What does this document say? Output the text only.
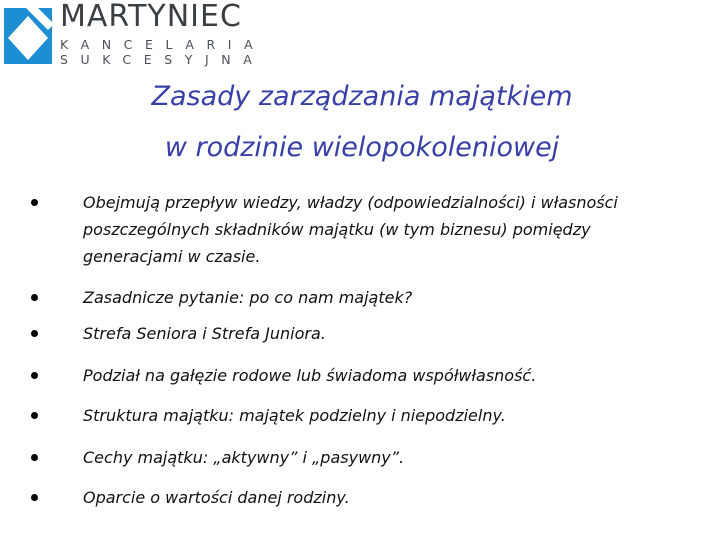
MARTYNIEC
KANCELARIA
SUKCESYJNA
Zasady zarządzania majątkiem
w rodzinie wielopokoleniowej
Obejmują przepływ wiedzy, władzy (odpowiedzialności) i własności poszczególnych składników majątku (w tym biznesu) pomiędzy generacjami w czasie.
Zasadnicze pytanie: po co nam majątek?
Strefa Seniora i Strefa Juniora.
Podział na gałęzie rodowe lub świadoma współwłasność.
Struktura majątku: majątek podzielny i niepodzielny.
Cechy majątku: „aktywny” i „pasywny”.
Oparcie o wartości danej rodziny.
